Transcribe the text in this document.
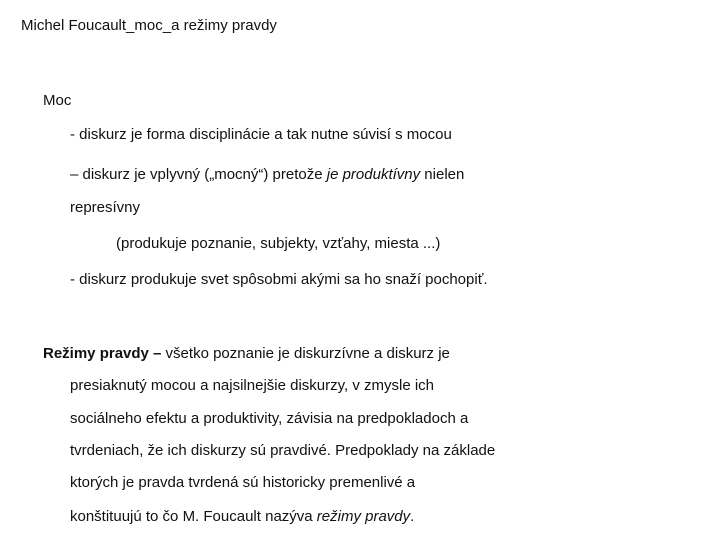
Michel Foucault_moc_a režimy pravdy
Moc
- diskurz je forma disciplinácie a tak nutne súvisí s mocou
– diskurz je vplyvný („mocný“) pretože je produktívny nielen
represívny
(produkuje poznanie, subjekty, vzťahy, miesta ...)
- diskurz produkuje svet spôsobmi akými sa ho snaží pochopiť.
Režimy pravdy – všetko poznanie je diskurzívne a diskurz je
presiaknutý mocou a najsilnejšie diskurzy, v zmysle ich
sociálneho efektu a produktivity, závisia na predpokladoch a
tvrdeniach, že ich diskurzy sú pravdivé. Predpoklady na základe
ktorých je pravda tvrdená sú historicky premenlivé a
konštituujú to čo M. Foucault nazýva režimy pravdy.
